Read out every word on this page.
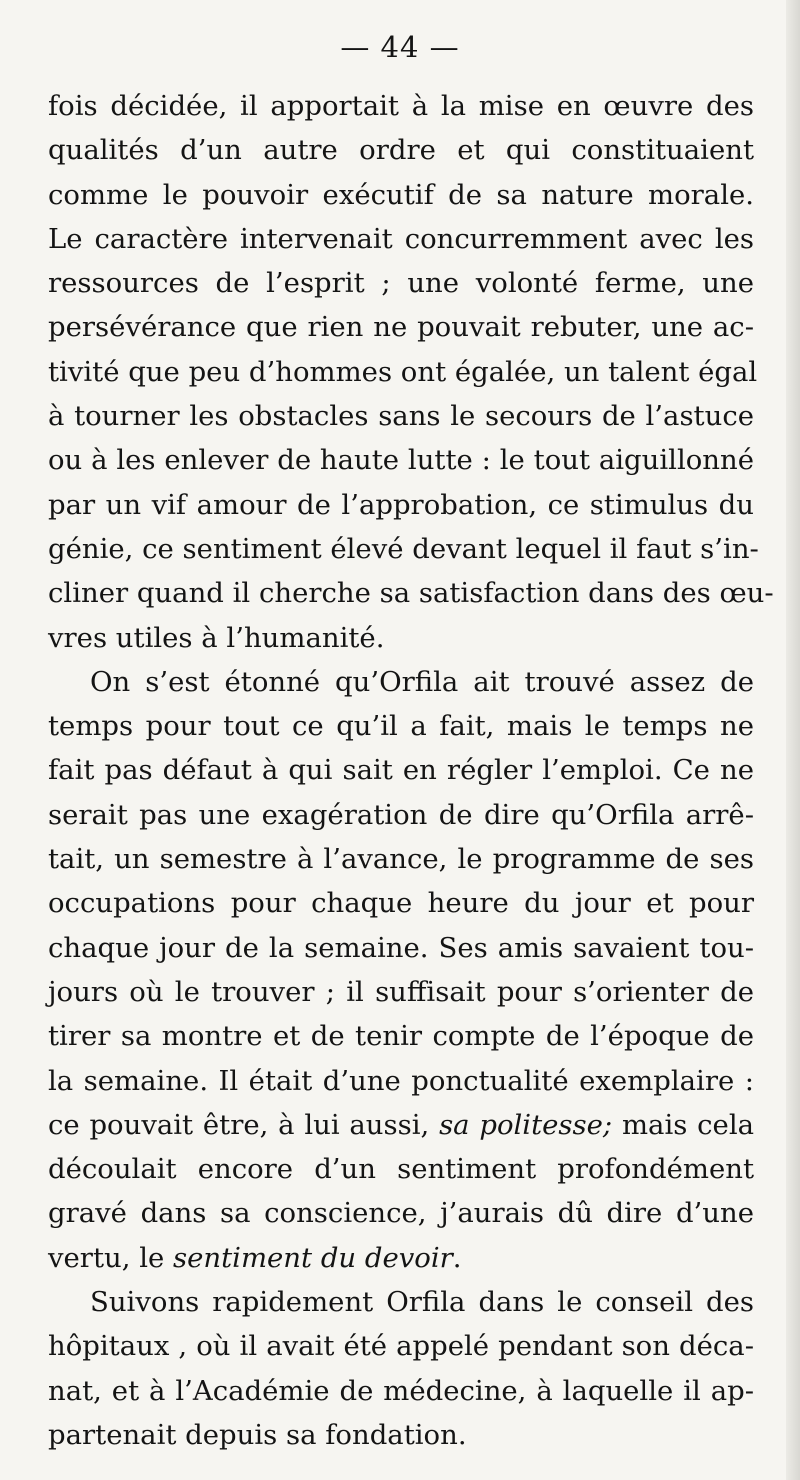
— 44 —
fois décidée, il apportait à la mise en œuvre des
qualités d’un autre ordre et qui constituaient
comme le pouvoir exécutif de sa nature morale.
Le caractère intervenait concurremment avec les
ressources de l’esprit ; une volonté ferme, une
persévérance que rien ne pouvait rebuter, une ac-
tivité que peu d’hommes ont égalée, un talent égal
à tourner les obstacles sans le secours de l’astuce
ou à les enlever de haute lutte : le tout aiguillonné
par un vif amour de l’approbation, ce stimulus du
génie, ce sentiment élevé devant lequel il faut s’in-
cliner quand il cherche sa satisfaction dans des œu-
vres utiles à l’humanité.
On s’est étonné qu’Orfila ait trouvé assez de
temps pour tout ce qu’il a fait, mais le temps ne
fait pas défaut à qui sait en régler l’emploi. Ce ne
serait pas une exagération de dire qu’Orfila arrê-
tait, un semestre à l’avance, le programme de ses
occupations pour chaque heure du jour et pour
chaque jour de la semaine. Ses amis savaient tou-
jours où le trouver ; il suffisait pour s’orienter de
tirer sa montre et de tenir compte de l’époque de
la semaine. Il était d’une ponctualité exemplaire :
ce pouvait être, à lui aussi, sa politesse; mais cela
découlait encore d’un sentiment profondément
gravé dans sa conscience, j’aurais dû dire d’une
vertu, le sentiment du devoir.
Suivons rapidement Orfila dans le conseil des
hôpitaux , où il avait été appelé pendant son déca-
nat, et à l’Académie de médecine, à laquelle il ap-
partenait depuis sa fondation.
